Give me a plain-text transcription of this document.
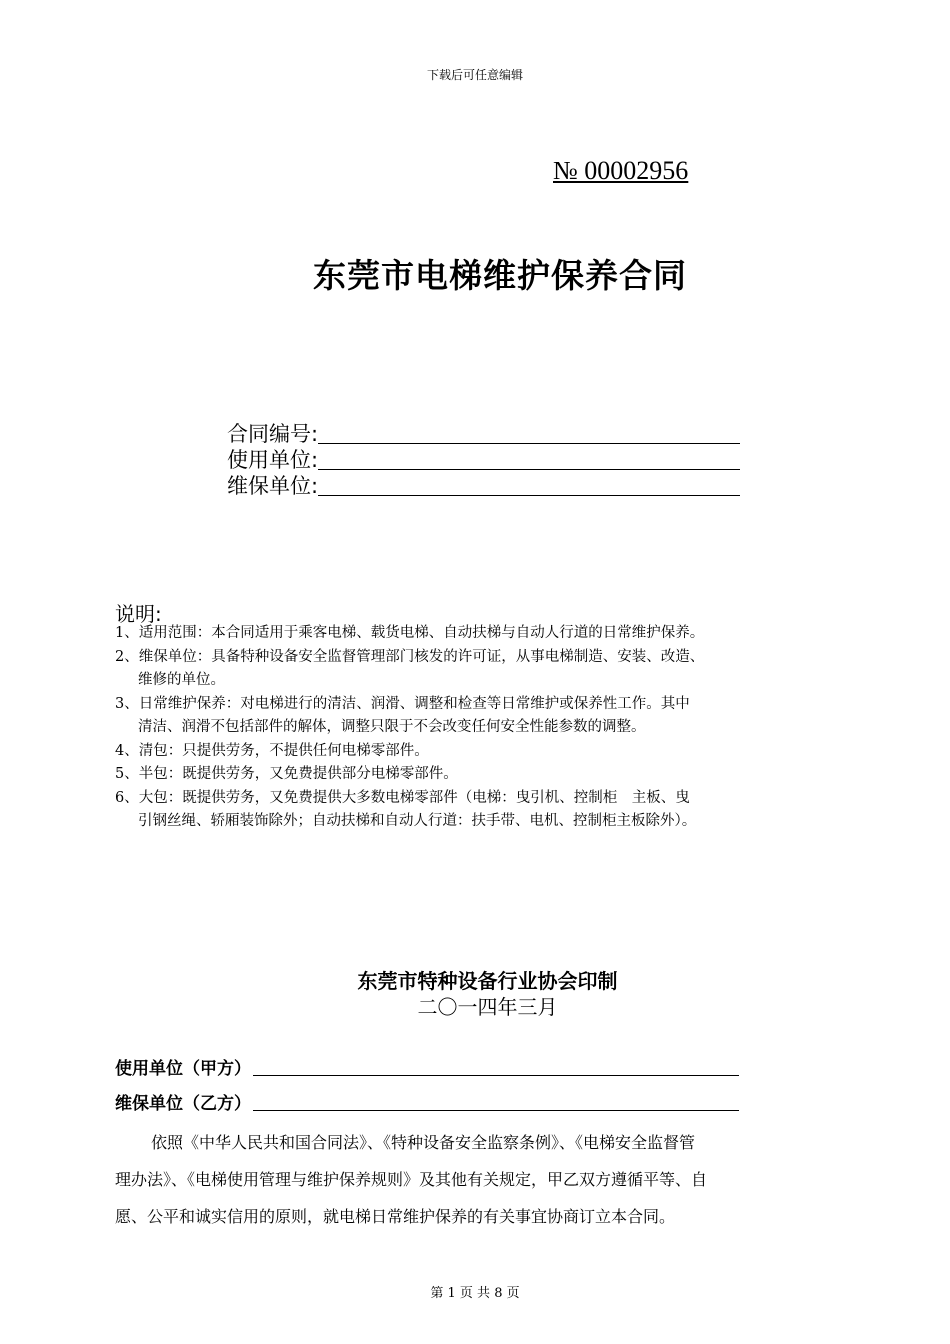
下载后可任意编辑
№ 00002956
东莞市电梯维护保养合同
合同编号:
使用单位:
维保单位:
说明:
1、适用范围：本合同适用于乘客电梯、载货电梯、自动扶梯与自动人行道的日常维护保养。
2、维保单位：具备特种设备安全监督管理部门核发的许可证，从事电梯制造、安装、改造、
维修的单位。
3、日常维护保养：对电梯进行的清洁、润滑、调整和检查等日常维护或保养性工作。其中
清洁、润滑不包括部件的解体，调整只限于不会改变任何安全性能参数的调整。
4、清包：只提供劳务，不提供任何电梯零部件。
5、半包：既提供劳务，又免费提供部分电梯零部件。
6、大包：既提供劳务，又免费提供大多数电梯零部件（电梯：曳引机、控制柜　主板、曳
引钢丝绳、轿厢装饰除外；自动扶梯和自动人行道：扶手带、电机、控制柜主板除外）。
东莞市特种设备行业协会印制
二〇一四年三月
使用单位（甲方）
维保单位（乙方）
依照《中华人民共和国合同法》、《特种设备安全监察条例》、《电梯安全监督管
理办法》、《电梯使用管理与维护保养规则》及其他有关规定，甲乙双方遵循平等、自
愿、公平和诚实信用的原则，就电梯日常维护保养的有关事宜协商订立本合同。
第 1 页 共 8 页
